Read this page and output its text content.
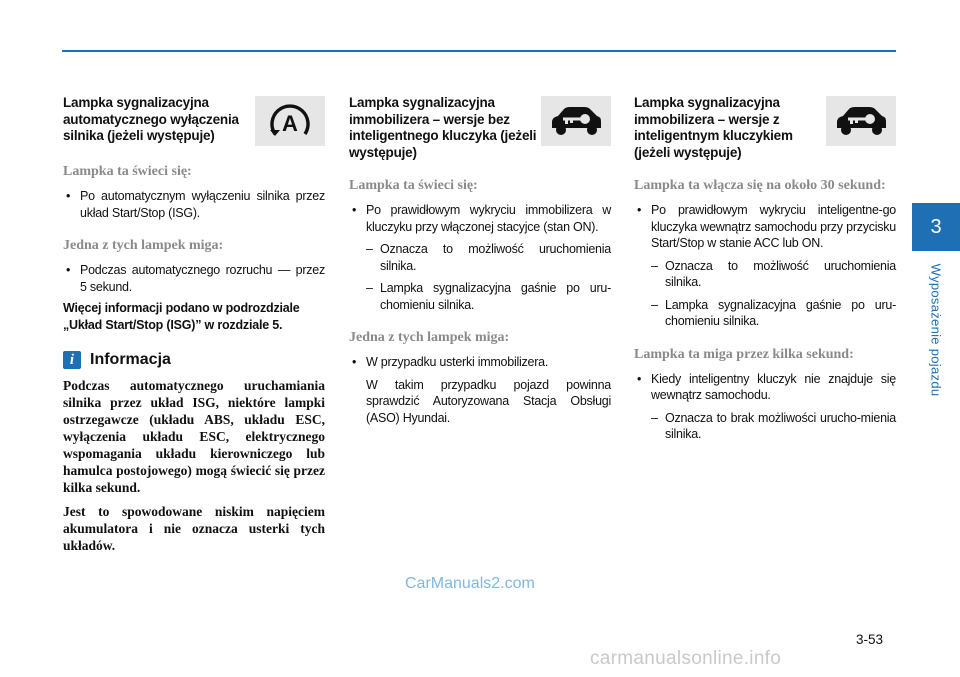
Lampka sygnalizacyjna automatycznego wyłączenia silnika (jeżeli występuje)	A
Lampka ta świeci się:
• Po automatycznym wyłączeniu silnika przez układ Start/Stop (ISG).
Jedna z tych lampek miga:
• Podczas automatycznego rozruchu — przez 5 sekund.
Więcej informacji podano w podrozdziale „Układ Start/Stop (ISG)” w rozdziale 5.
i Informacja

Podczas automatycznego uruchamiania silnika przez układ ISG, niektóre lampki ostrzegawcze (układu ABS, układu ESC, wyłączenia układu ESC, elektrycznego wspomagania układu kierowniczego lub hamulca postojowego) mogą świecić się przez kilka sekund.

Jest to spowodowane niskim napięciem akumulatora i nie oznacza usterki tych układów.

Lampka sygnalizacyjna immobilizera – wersje bez inteligentnego kluczyka (jeżeli występuje)
Lampka ta świeci się:
• Po prawidłowym wykryciu immobilizera w kluczyku przy włączonej stacyjce (stan ON).
– Oznacza to możliwość uruchomienia silnika.
– Lampka sygnalizacyjna gaśnie po uru-chomieniu silnika.
Jedna z tych lampek miga:
• W przypadku usterki immobilizera.
W takim przypadku pojazd powinna sprawdzić Autoryzowana Stacja Obsługi (ASO) Hyundai.
Lampka sygnalizacyjna immobilizera – wersje z inteligentnym kluczykiem (jeżeli występuje)
Lampka ta włącza się na około 30 sekund:
• Po prawidłowym wykryciu inteligentne-go kluczyka wewnątrz samochodu przy przycisku Start/Stop w stanie ACC lub ON.
– Oznacza to możliwość uruchomienia silnika.
– Lampka sygnalizacyjna gaśnie po uru-chomieniu silnika.
Lampka ta miga przez kilka sekund:
• Kiedy inteligentny kluczyk nie znajduje się wewnątrz samochodu.
– Oznacza to brak możliwości urucho-mienia silnika.
3
Wyposażenie pojazdu
3-53
CarManuals2.com
carmanualsonline.info
